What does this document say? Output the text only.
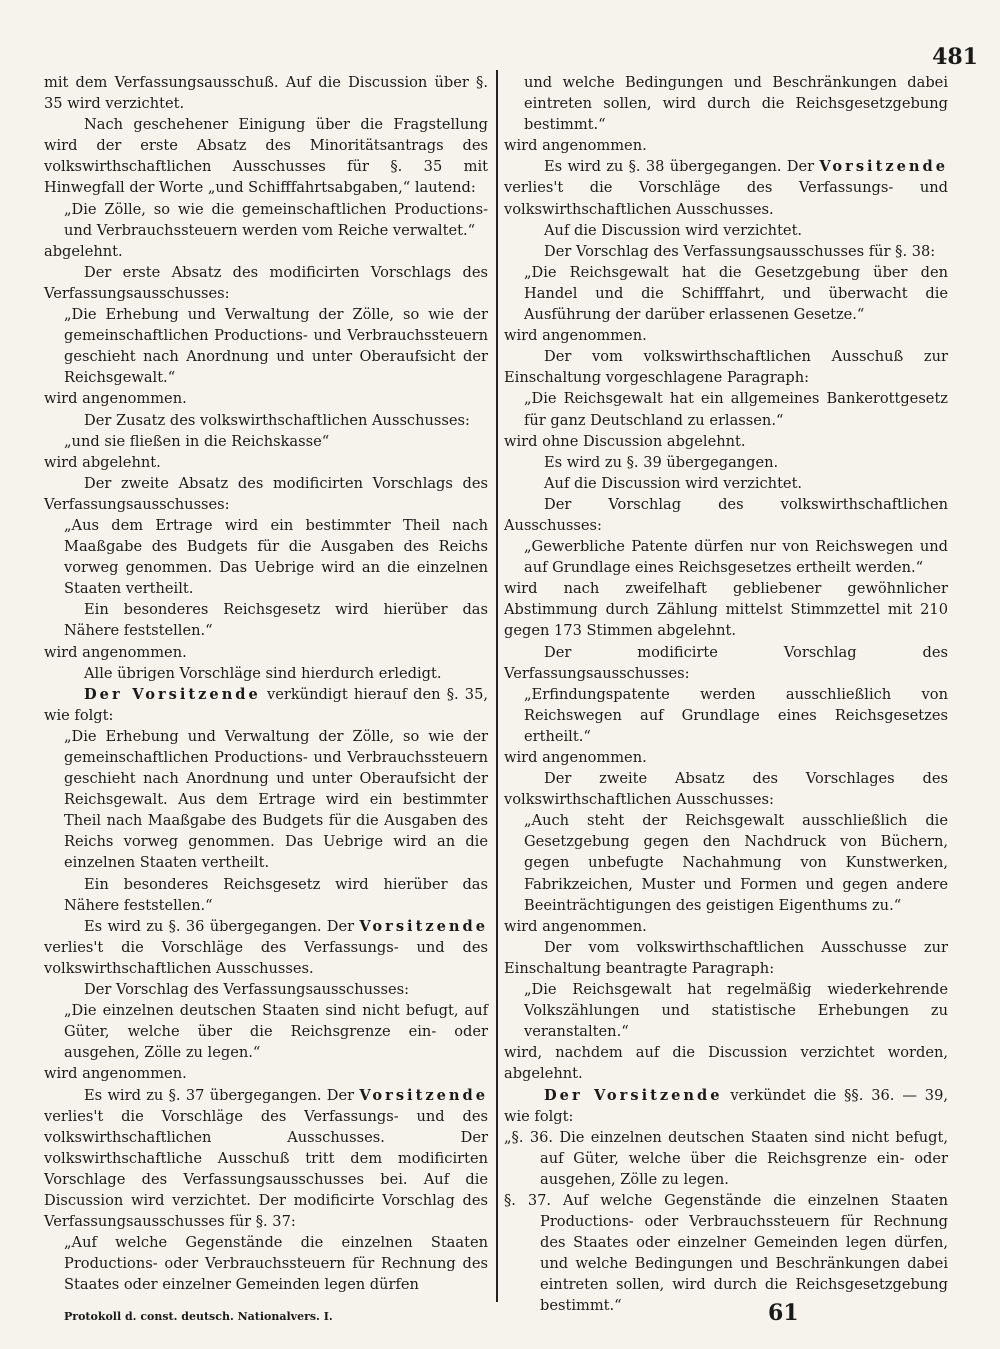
481

mit dem Verfassungsausschuß. Auf die Discussion über §. 35 wird verzichtet.

Nach geschehener Einigung über die Fragstellung wird der erste Absatz des Minoritätsantrags des volkswirthschaftlichen Ausschusses für §. 35 mit Hinwegfall der Worte „und Schifffahrtsabgaben,“ lautend:

„Die Zölle, so wie die gemeinschaftlichen Productions- und Verbrauchssteuern werden vom Reiche verwaltet.“

abgelehnt.

Der erste Absatz des modificirten Vorschlags des Verfassungsausschusses:

„Die Erhebung und Verwaltung der Zölle, so wie der gemeinschaftlichen Productions- und Verbrauchssteuern geschieht nach Anordnung und unter Oberaufsicht der Reichsgewalt.“

wird angenommen.

Der Zusatz des volkswirthschaftlichen Ausschusses:

„und sie fließen in die Reichskasse“

wird abgelehnt.

Der zweite Absatz des modificirten Vorschlags des Verfassungsausschusses:

„Aus dem Ertrage wird ein bestimmter Theil nach Maaßgabe des Budgets für die Ausgaben des Reichs vorweg genommen. Das Uebrige wird an die einzelnen Staaten vertheilt.

Ein besonderes Reichsgesetz wird hierüber das Nähere feststellen.“

wird angenommen.

Alle übrigen Vorschläge sind hierdurch erledigt.

Der Vorsitzende verkündigt hierauf den §. 35, wie folgt:

„Die Erhebung und Verwaltung der Zölle, so wie der gemeinschaftlichen Productions- und Verbrauchssteuern geschieht nach Anordnung und unter Oberaufsicht der Reichsgewalt. Aus dem Ertrage wird ein bestimmter Theil nach Maaßgabe des Budgets für die Ausgaben des Reichs vorweg genommen. Das Uebrige wird an die einzelnen Staaten vertheilt.

Ein besonderes Reichsgesetz wird hierüber das Nähere feststellen.“

Es wird zu §. 36 übergegangen. Der Vorsitzende verlies't die Vorschläge des Verfassungs- und des volkswirthschaftlichen Ausschusses.

Der Vorschlag des Verfassungsausschusses:

„Die einzelnen deutschen Staaten sind nicht befugt, auf Güter, welche über die Reichsgrenze ein- oder ausgehen, Zölle zu legen.“

wird angenommen.

Es wird zu §. 37 übergegangen. Der Vorsitzende verlies't die Vorschläge des Verfassungs- und des volkswirthschaftlichen Ausschusses. Der volkswirthschaftliche Ausschuß tritt dem modificirten Vorschlage des Verfassungsausschusses bei. Auf die Discussion wird verzichtet. Der modificirte Vorschlag des Verfassungsausschusses für §. 37:

„Auf welche Gegenstände die einzelnen Staaten Productions- oder Verbrauchssteuern für Rechnung des Staates oder einzelner Gemeinden legen dürfen

und welche Bedingungen und Beschränkungen dabei eintreten sollen, wird durch die Reichsgesetzgebung bestimmt.“

wird angenommen.

Es wird zu §. 38 übergegangen. Der Vorsitzende verlies't die Vorschläge des Verfassungs- und volkswirthschaftlichen Ausschusses.

Auf die Discussion wird verzichtet.

Der Vorschlag des Verfassungsausschusses für §. 38:

„Die Reichsgewalt hat die Gesetzgebung über den Handel und die Schifffahrt, und überwacht die Ausführung der darüber erlassenen Gesetze.“

wird angenommen.

Der vom volkswirthschaftlichen Ausschuß zur Einschaltung vorgeschlagene Paragraph:

„Die Reichsgewalt hat ein allgemeines Bankerottgesetz für ganz Deutschland zu erlassen.“

wird ohne Discussion abgelehnt.

Es wird zu §. 39 übergegangen.

Auf die Discussion wird verzichtet.

Der Vorschlag des volkswirthschaftlichen Ausschusses:

„Gewerbliche Patente dürfen nur von Reichswegen und auf Grundlage eines Reichsgesetzes ertheilt werden.“

wird nach zweifelhaft gebliebener gewöhnlicher Abstimmung durch Zählung mittelst Stimmzettel mit 210 gegen 173 Stimmen abgelehnt.

Der modificirte Vorschlag des Verfassungsausschusses:

„Erfindungspatente werden ausschließlich von Reichswegen auf Grundlage eines Reichsgesetzes ertheilt.“

wird angenommen.

Der zweite Absatz des Vorschlages des volkswirthschaftlichen Ausschusses:

„Auch steht der Reichsgewalt ausschließlich die Gesetzgebung gegen den Nachdruck von Büchern, gegen unbefugte Nachahmung von Kunstwerken, Fabrikzeichen, Muster und Formen und gegen andere Beeinträchtigungen des geistigen Eigenthums zu.“

wird angenommen.

Der vom volkswirthschaftlichen Ausschusse zur Einschaltung beantragte Paragraph:

„Die Reichsgewalt hat regelmäßig wiederkehrende Volkszählungen und statistische Erhebungen zu veranstalten.“

wird, nachdem auf die Discussion verzichtet worden, abgelehnt.

Der Vorsitzende verkündet die §§. 36. — 39, wie folgt:

„§. 36. Die einzelnen deutschen Staaten sind nicht befugt, auf Güter, welche über die Reichsgrenze ein- oder ausgehen, Zölle zu legen.

§. 37. Auf welche Gegenstände die einzelnen Staaten Productions- oder Verbrauchssteuern für Rechnung des Staates oder einzelner Gemeinden legen dürfen, und welche Bedingungen und Beschränkungen dabei eintreten sollen, wird durch die Reichsgesetzgebung bestimmt.“

Protokoll d. const. deutsch. Nationalvers. I.	61
